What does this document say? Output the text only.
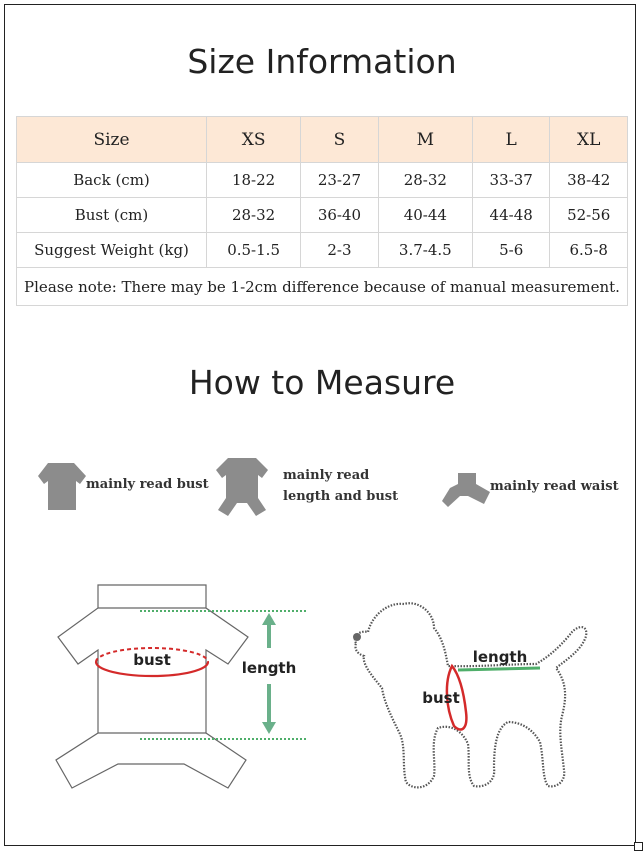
Size Information
Size	XS	S	M	L	XL
Back (cm)	18-22	23-27	28-32	33-37	38-42
Bust (cm)	28-32	36-40	40-44	44-48	52-56
Suggest Weight (kg)	0.5-1.5	2-3	3.7-4.5	5-6	6.5-8
Please note: There may be 1-2cm difference because of manual measurement.					
How to Measure
mainly read bust
mainly read
length and bust
mainly read waist
bust	length
length
bust
